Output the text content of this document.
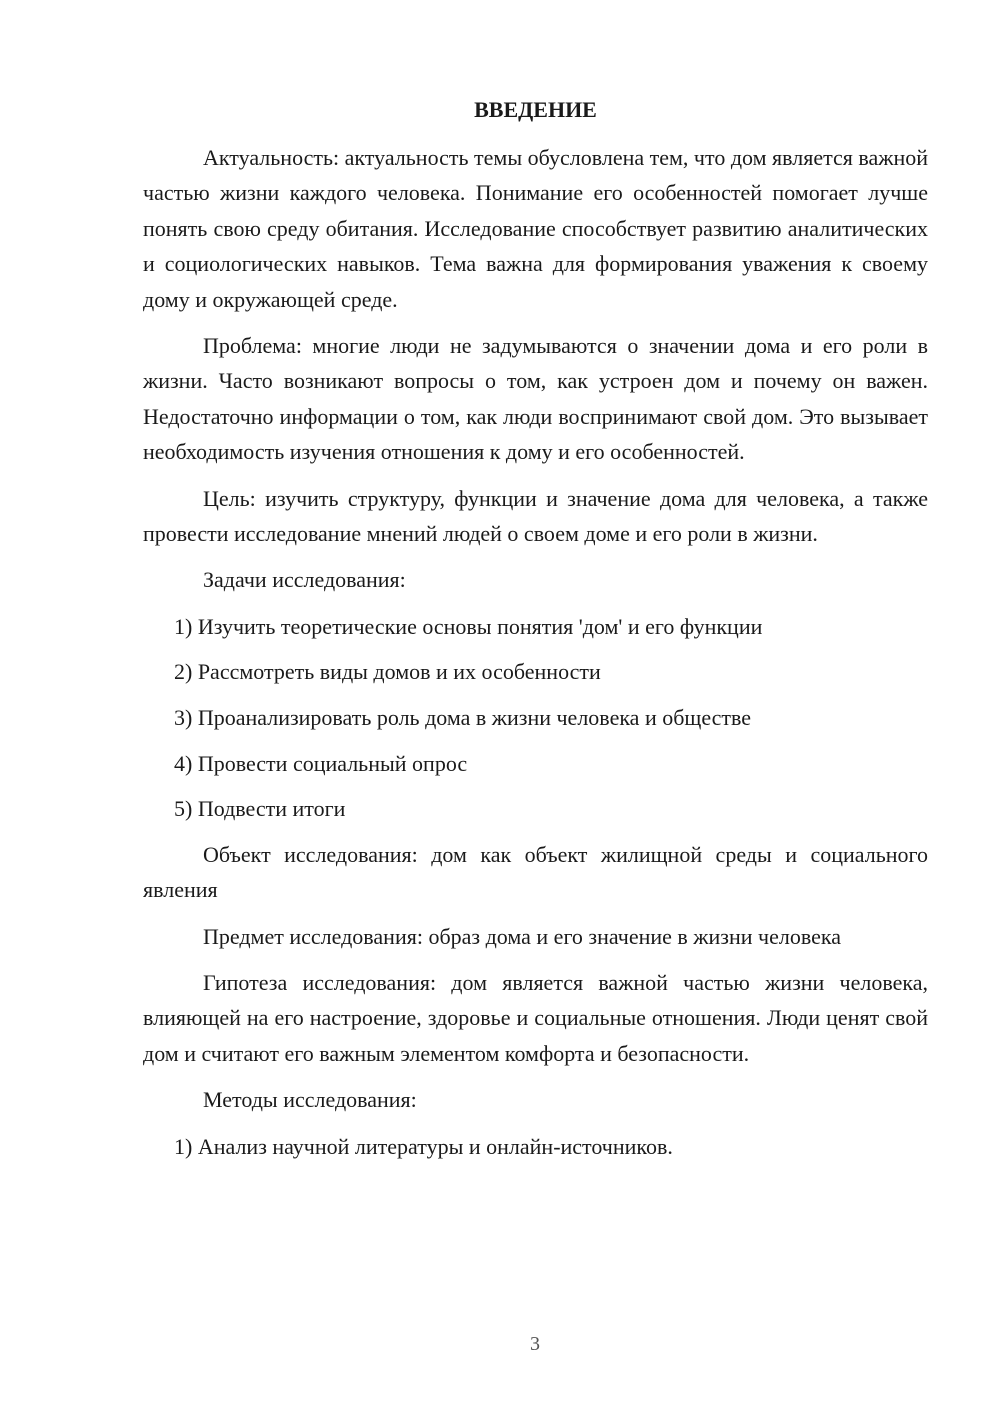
ВВЕДЕНИЕ

Актуальность: актуальность темы обусловлена тем, что дом является важной частью жизни каждого человека. Понимание его особенностей помогает лучше понять свою среду обитания. Исследование способствует развитию аналитических и социологических навыков. Тема важна для формирования уважения к своему дому и окружающей среде.

Проблема: многие люди не задумываются о значении дома и его роли в жизни. Часто возникают вопросы о том, как устроен дом и почему он важен. Недостаточно информации о том, как люди воспринимают свой дом. Это вызывает необходимость изучения отношения к дому и его особенностей.

Цель: изучить структуру, функции и значение дома для человека, а также провести исследование мнений людей о своем доме и его роли в жизни.

Задачи исследования:

1) Изучить теоретические основы понятия 'дом' и его функции
2) Рассмотреть виды домов и их особенности
3) Проанализировать роль дома в жизни человека и обществе
4) Провести социальный опрос
5) Подвести итоги

Объект исследования: дом как объект жилищной среды и социального явления

Предмет исследования: образ дома и его значение в жизни человека

Гипотеза исследования: дом является важной частью жизни человека, влияющей на его настроение, здоровье и социальные отношения. Люди ценят свой дом и считают его важным элементом комфорта и безопасности.

Методы исследования:

1) Анализ научной литературы и онлайн-источников.
3
